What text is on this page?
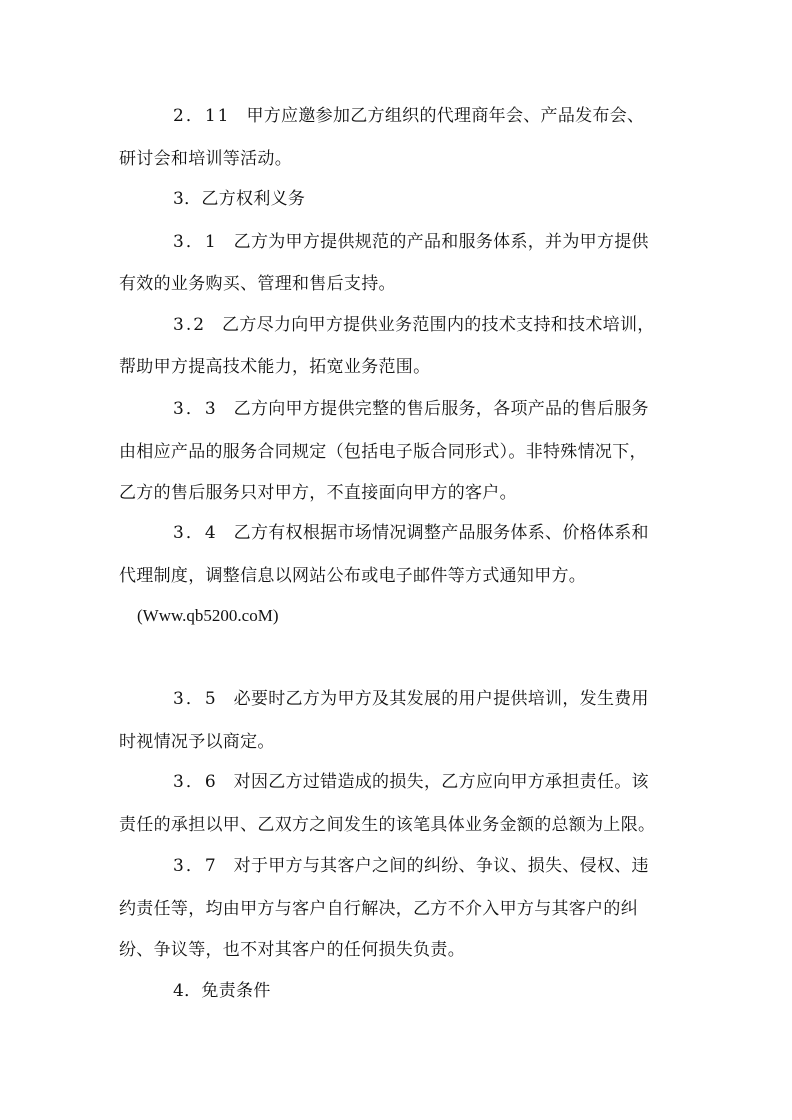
2．11 甲方应邀参加乙方组织的代理商年会、产品发布会、
研讨会和培训等活动。
3．乙方权利义务
3．1 乙方为甲方提供规范的产品和服务体系，并为甲方提供
有效的业务购买、管理和售后支持。
3.2 乙方尽力向甲方提供业务范围内的技术支持和技术培训，
帮助甲方提高技术能力，拓宽业务范围。
3．3 乙方向甲方提供完整的售后服务，各项产品的售后服务
由相应产品的服务合同规定（包括电子版合同形式）。非特殊情况下，
乙方的售后服务只对甲方，不直接面向甲方的客户。
3．4 乙方有权根据市场情况调整产品服务体系、价格体系和
代理制度，调整信息以网站公布或电子邮件等方式通知甲方。
(Www.qb5200.coM)
3．5 必要时乙方为甲方及其发展的用户提供培训，发生费用
时视情况予以商定。
3．6 对因乙方过错造成的损失，乙方应向甲方承担责任。该
责任的承担以甲、乙双方之间发生的该笔具体业务金额的总额为上限。
3．7 对于甲方与其客户之间的纠纷、争议、损失、侵权、违
约责任等，均由甲方与客户自行解决，乙方不介入甲方与其客户的纠
纷、争议等，也不对其客户的任何损失负责。
4．免责条件
